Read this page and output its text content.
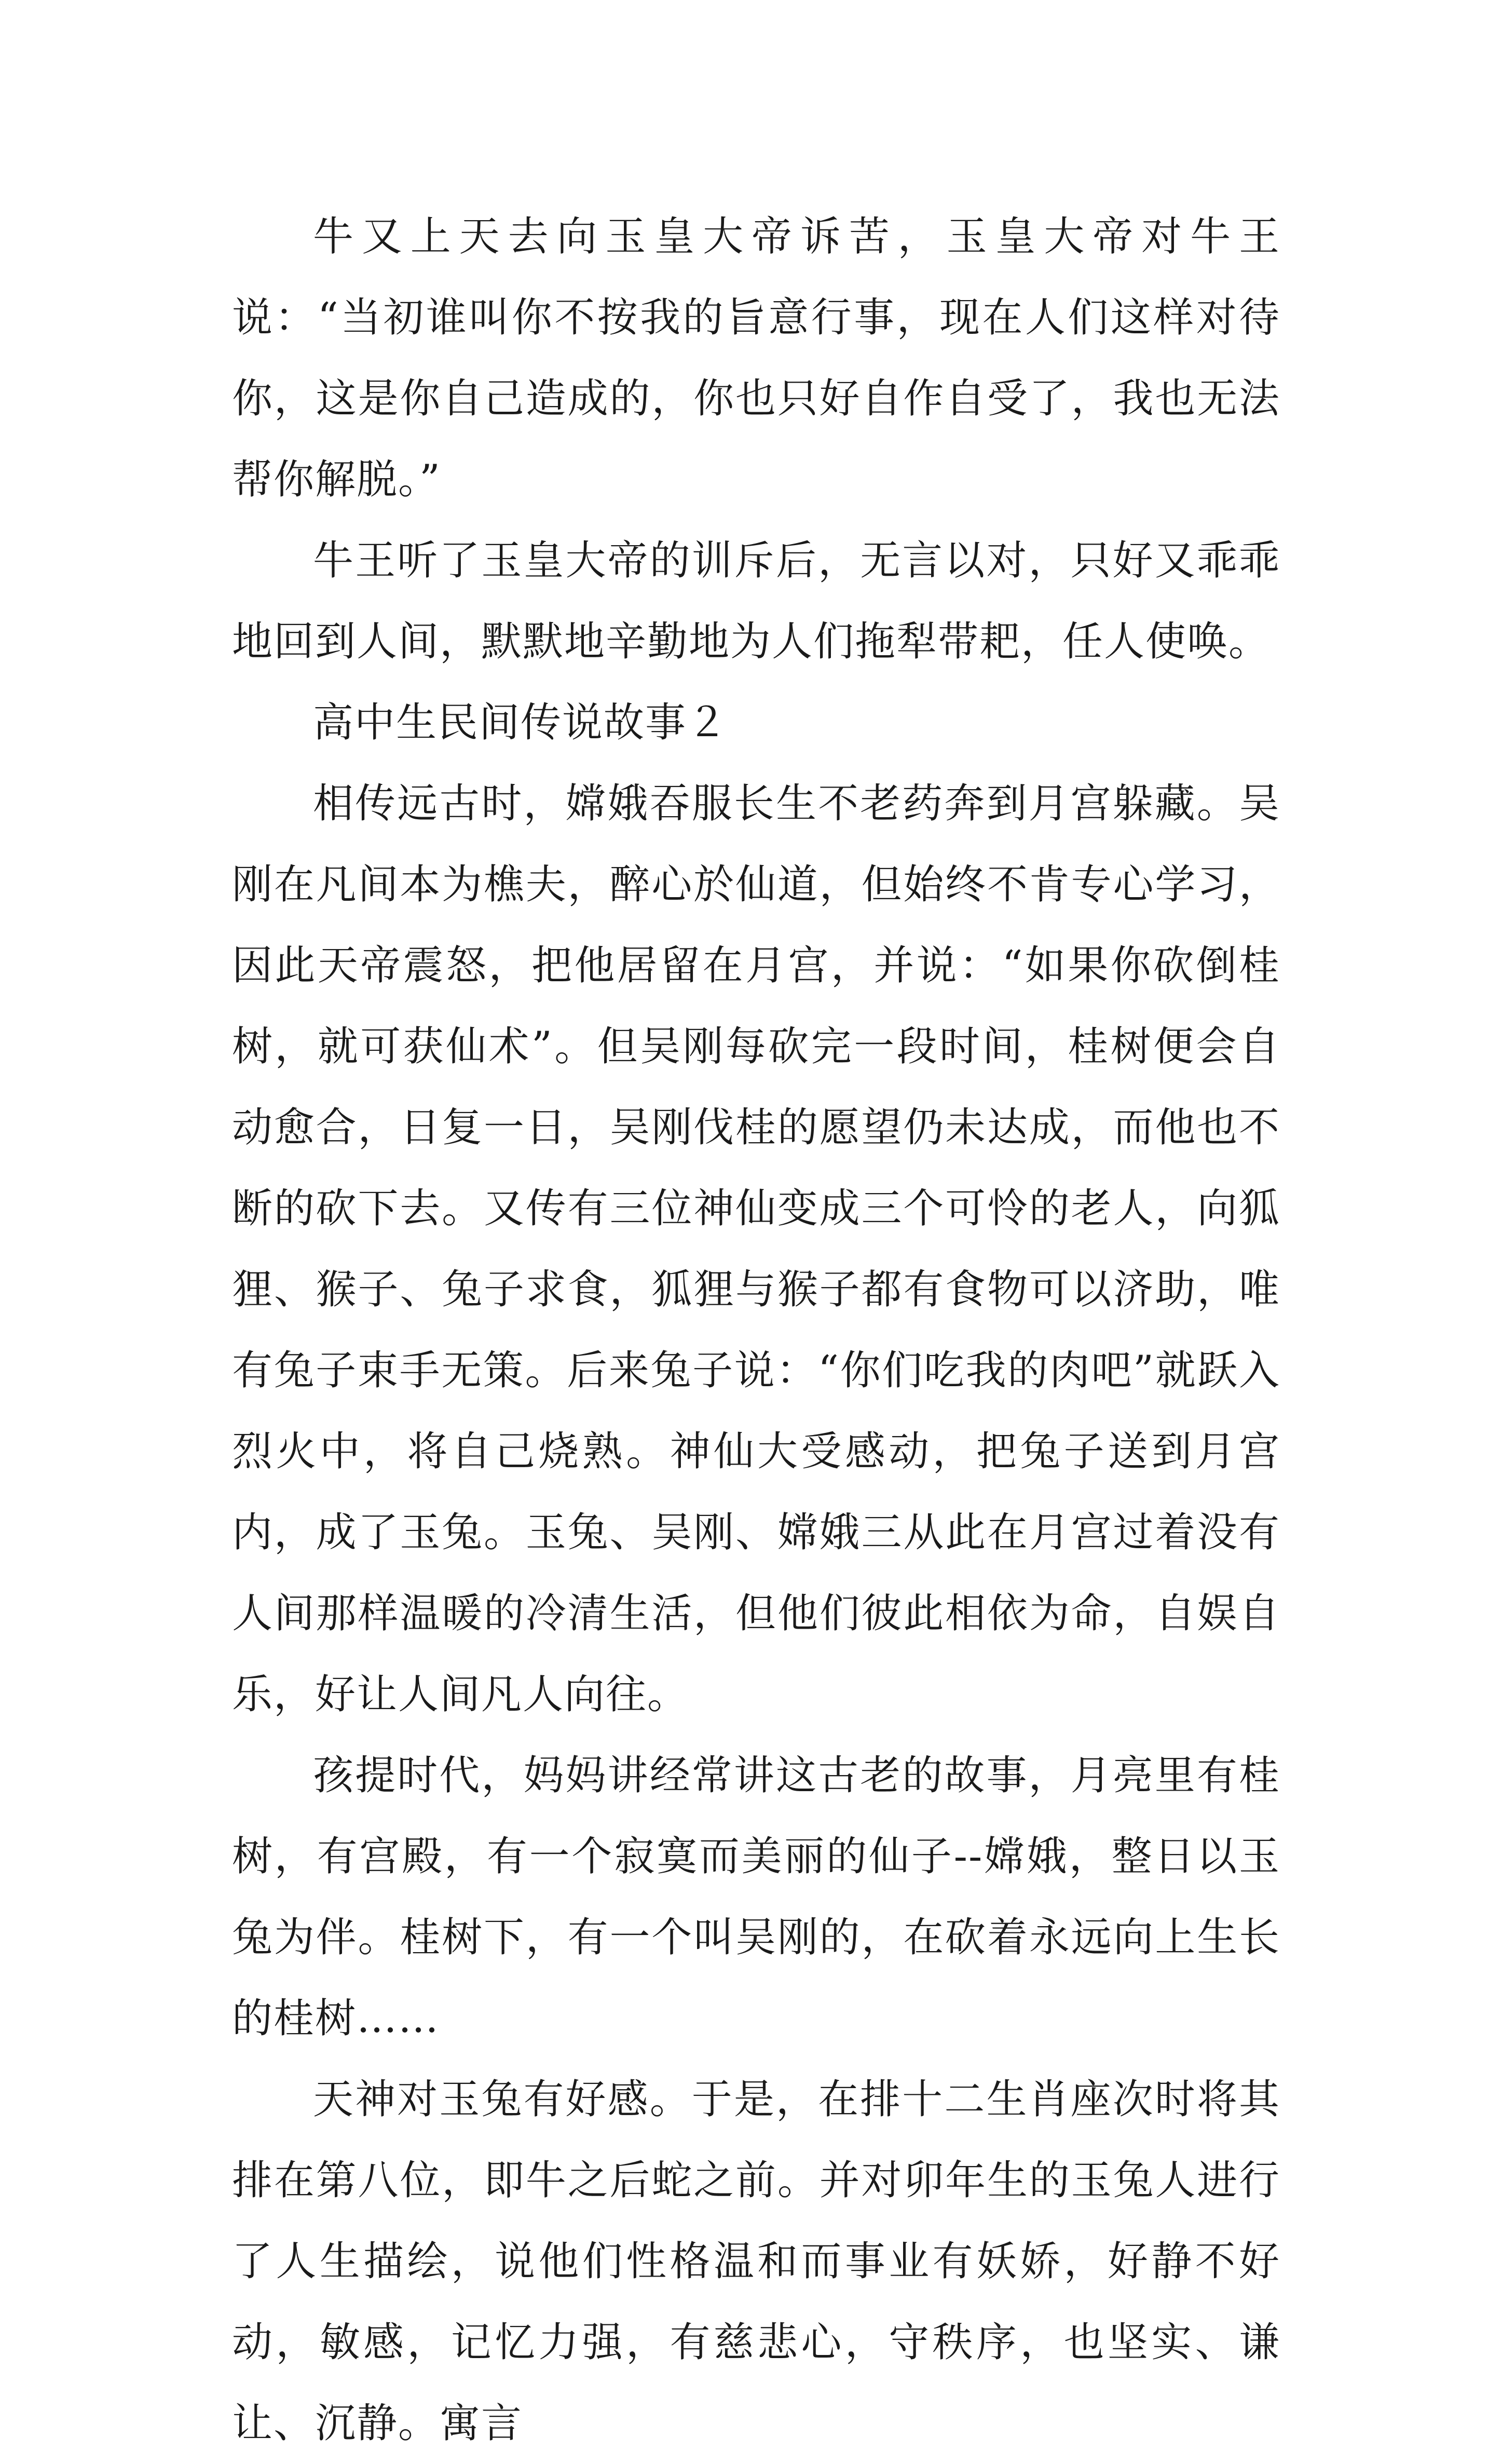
牛又上天去向玉皇大帝诉苦，玉皇大帝对牛王说：“当初谁叫你不按我的旨意行事，现在人们这样对待你，这是你自己造成的，你也只好自作自受了，我也无法帮你解脱。”

牛王听了玉皇大帝的训斥后，无言以对，只好又乖乖地回到人间，默默地辛勤地为人们拖犁带耙，任人使唤。

高中生民间传说故事２

相传远古时，嫦娥吞服长生不老药奔到月宫躲藏。吴刚在凡间本为樵夫，醉心於仙道，但始终不肯专心学习，因此天帝震怒，把他居留在月宫，并说：“如果你砍倒桂树，就可获仙术”。但吴刚每砍完一段时间，桂树便会自动愈合，日复一日，吴刚伐桂的愿望仍未达成，而他也不断的砍下去。又传有三位神仙变成三个可怜的老人，向狐狸、猴子、兔子求食，狐狸与猴子都有食物可以济助，唯有兔子束手无策。后来兔子说：“你们吃我的肉吧”就跃入烈火中，将自己烧熟。神仙大受感动，把兔子送到月宫内，成了玉兔。玉兔、吴刚、嫦娥三从此在月宫过着没有人间那样温暖的冷清生活，但他们彼此相依为命，自娱自乐，好让人间凡人向往。

孩提时代，妈妈讲经常讲这古老的故事，月亮里有桂树，有宫殿，有一个寂寞而美丽的仙子--嫦娥，整日以玉兔为伴。桂树下，有一个叫吴刚的，在砍着永远向上生长的桂树……

天神对玉兔有好感。于是，在排十二生肖座次时将其排在第八位，即牛之后蛇之前。并对卯年生的玉兔人进行了人生描绘，说他们性格温和而事业有妖娇，好静不好动，敏感，记忆力强，有慈悲心，守秩序，也坚实、谦让、沉静。寓言
